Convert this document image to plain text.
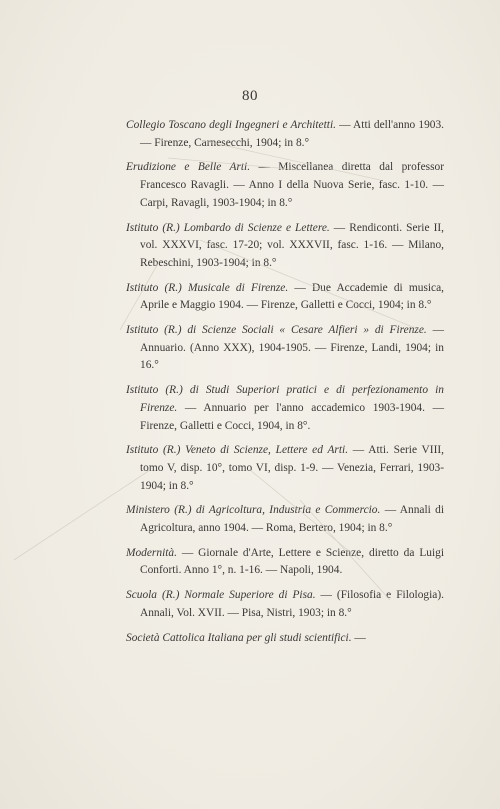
80

Collegio Toscano degli Ingegneri e Architetti. — Atti dell'anno 1903. — Firenze, Carnesecchi, 1904; in 8.°

Erudizione e Belle Arti. — Miscellanea diretta dal professor Francesco Ravagli. — Anno I della Nuova Serie, fasc. 1-10. — Carpi, Ravagli, 1903-1904; in 8.°

Istituto (R.) Lombardo di Scienze e Lettere. — Rendiconti. Serie II, vol. XXXVI, fasc. 17-20; vol. XXXVII, fasc. 1-16. — Milano, Rebeschini, 1903-1904; in 8.°

Istituto (R.) Musicale di Firenze. — Due Accademie di musica, Aprile e Maggio 1904. — Firenze, Galletti e Cocci, 1904; in 8.°

Istituto (R.) di Scienze Sociali « Cesare Alfieri » di Firenze. — Annuario. (Anno XXX), 1904-1905. — Firenze, Landi, 1904; in 16.°

Istituto (R.) di Studi Superiori pratici e di perfezionamento in Firenze. — Annuario per l'anno accademico 1903-1904. — Firenze, Galletti e Cocci, 1904, in 8°.

Istituto (R.) Veneto di Scienze, Lettere ed Arti. — Atti. Serie VIII, tomo V, disp. 10°, tomo VI, disp. 1-9. — Venezia, Ferrari, 1903-1904; in 8.°

Ministero (R.) di Agricoltura, Industria e Commercio. — Annali di Agricoltura, anno 1904. — Roma, Bertero, 1904; in 8.°

Modernità. — Giornale d'Arte, Lettere e Scienze, diretto da Luigi Conforti. Anno 1°, n. 1-16. — Napoli, 1904.

Scuola (R.) Normale Superiore di Pisa. — (Filosofia e Filologia). Annali, Vol. XVII. — Pisa, Nistri, 1903; in 8.°

Società Cattolica Italiana per gli studi scientifici. —
